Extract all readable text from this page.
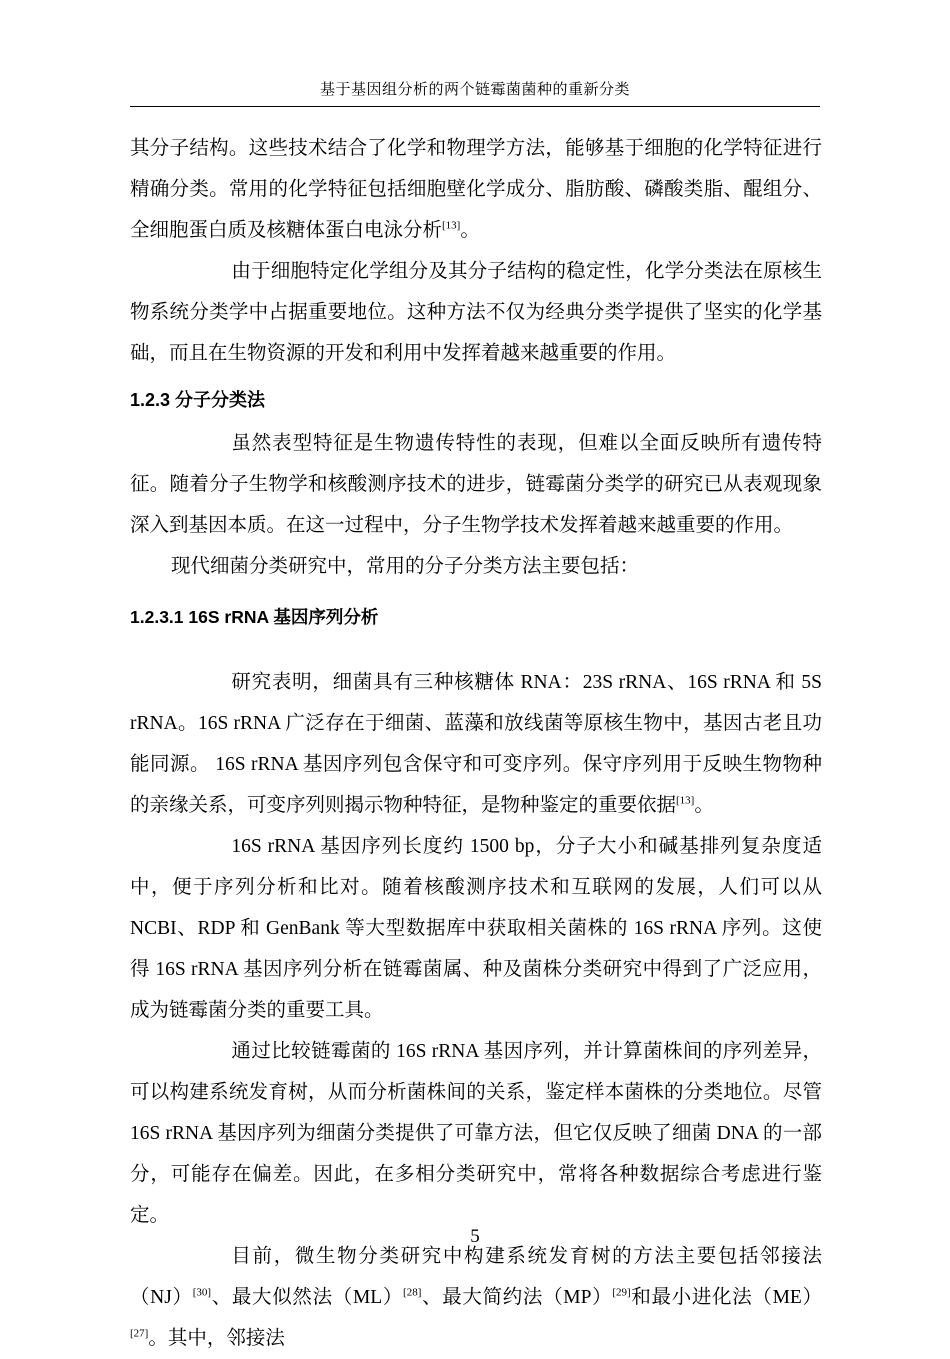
基于基因组分析的两个链霉菌菌种的重新分类

其分子结构。这些技术结合了化学和物理学方法，能够基于细胞的化学特征进行精确分类。常用的化学特征包括细胞壁化学成分、脂肪酸、磷酸类脂、醌组分、全细胞蛋白质及核糖体蛋白电泳分析[13]。

由于细胞特定化学组分及其分子结构的稳定性，化学分类法在原核生物系统分类学中占据重要地位。这种方法不仅为经典分类学提供了坚实的化学基础，而且在生物资源的开发和利用中发挥着越来越重要的作用。

1.2.3 分子分类法

虽然表型特征是生物遗传特性的表现，但难以全面反映所有遗传特征。随着分子生物学和核酸测序技术的进步，链霉菌分类学的研究已从表观现象深入到基因本质。在这一过程中，分子生物学技术发挥着越来越重要的作用。

现代细菌分类研究中，常用的分子分类方法主要包括：

1.2.3.1 16S rRNA 基因序列分析

研究表明，细菌具有三种核糖体 RNA：23S rRNA、16S rRNA 和 5S rRNA。16S rRNA 广泛存在于细菌、蓝藻和放线菌等原核生物中，基因古老且功能同源。 16S rRNA 基因序列包含保守和可变序列。保守序列用于反映生物物种的亲缘关系，可变序列则揭示物种特征，是物种鉴定的重要依据[13]。

16S rRNA 基因序列长度约 1500 bp，分子大小和碱基排列复杂度适中，便于序列分析和比对。随着核酸测序技术和互联网的发展，人们可以从 NCBI、RDP 和 GenBank 等大型数据库中获取相关菌株的 16S rRNA 序列。这使得 16S rRNA 基因序列分析在链霉菌属、种及菌株分类研究中得到了广泛应用，成为链霉菌分类的重要工具。

通过比较链霉菌的 16S rRNA 基因序列，并计算菌株间的序列差异，可以构建系统发育树，从而分析菌株间的关系，鉴定样本菌株的分类地位。尽管 16S rRNA 基因序列为细菌分类提供了可靠方法，但它仅反映了细菌 DNA 的一部分，可能存在偏差。因此，在多相分类研究中，常将各种数据综合考虑进行鉴定。

目前，微生物分类研究中构建系统发育树的方法主要包括邻接法（NJ）[30]、最大似然法（ML）[28]、最大简约法（MP）[29]和最小进化法（ME）[27]。其中，邻接法

5
